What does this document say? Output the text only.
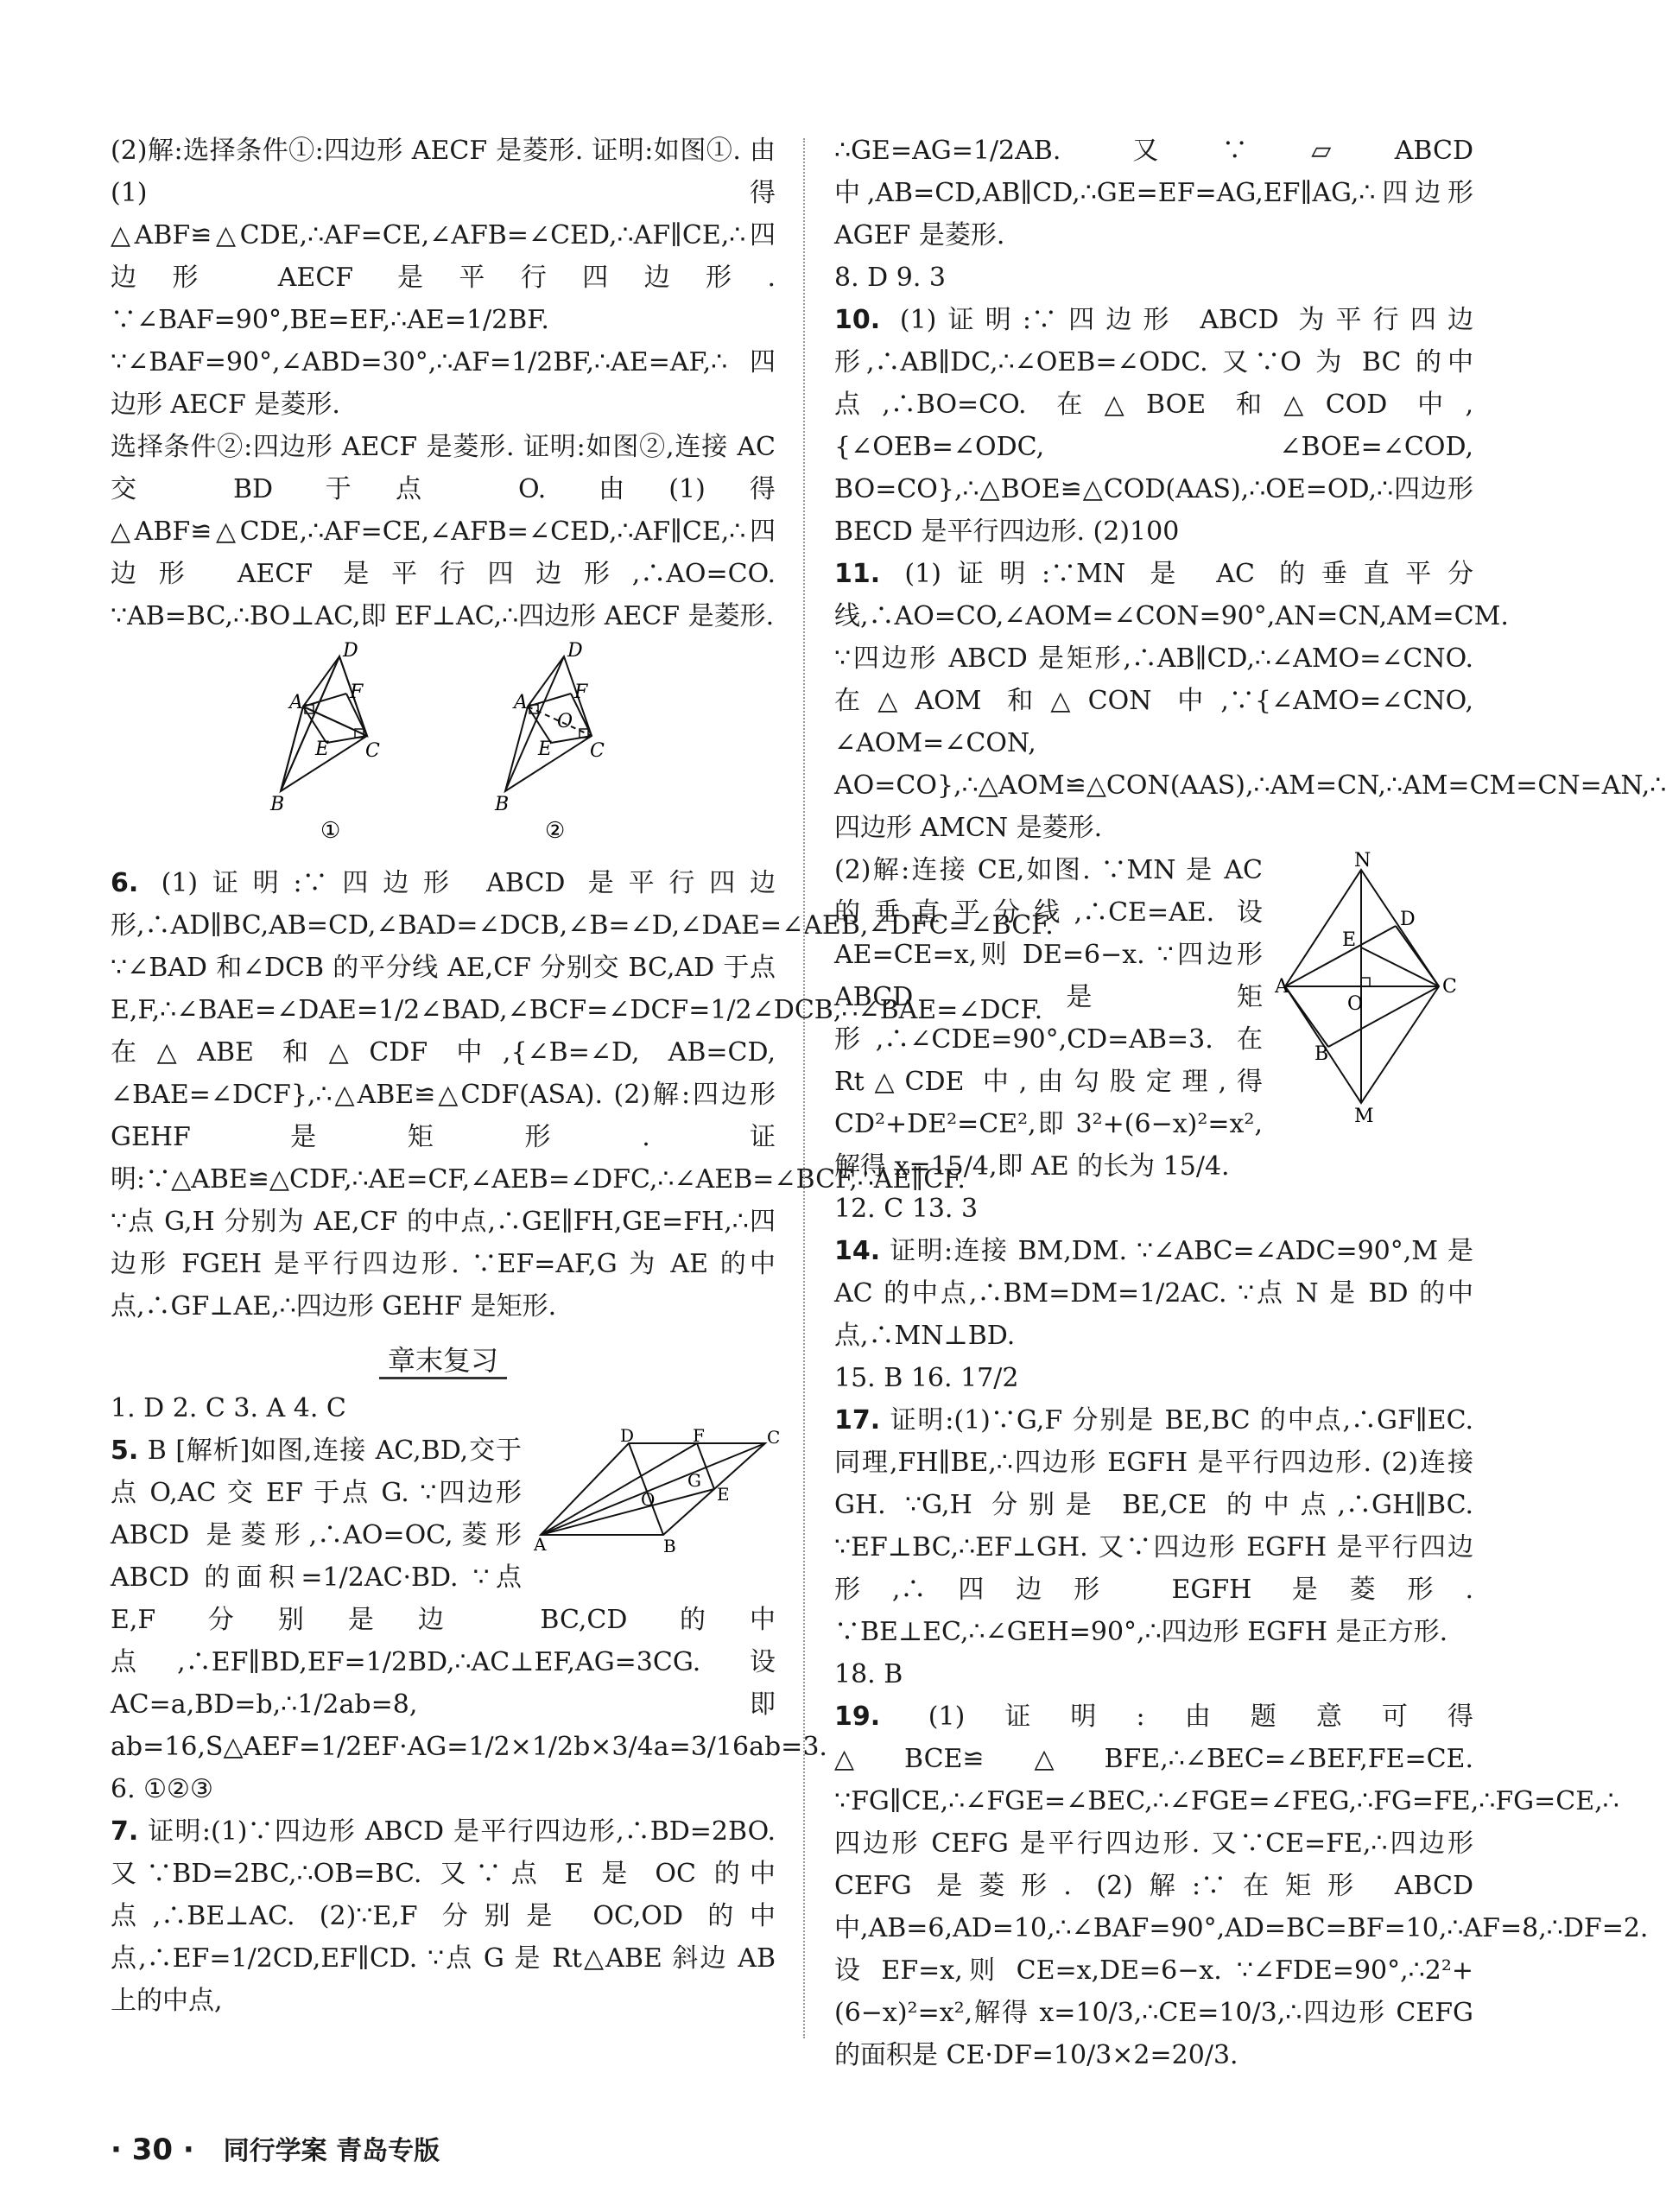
(2)解:选择条件①:四边形 AECF 是菱形. 证明:如图①. 由(1)得△ABF≌△CDE,∴AF=CE,∠AFB=∠CED,∴AF∥CE,∴四边形 AECF 是平行四边形. ∵∠BAF=90°,BE=EF,∴AE=1/2BF. ∵∠BAF=90°,∠ABD=30°,∴AF=1/2BF,∴AE=AF,∴四边形 AECF 是菱形.

选择条件②:四边形 AECF 是菱形. 证明:如图②,连接 AC 交 BD 于点 O. 由(1)得△ABF≌△CDE,∴AF=CE,∠AFB=∠CED,∴AF∥CE,∴四边形 AECF 是平行四边形,∴AO=CO. ∵AB=BC,∴BO⊥AC,即 EF⊥AC,∴四边形 AECF 是菱形.

A
D
F
E C
B
①
A
D
F
O
E C
B
②

6. (1)证明:∵四边形 ABCD 是平行四边形,∴AD∥BC,AB=CD,∠BAD=∠DCB,∠B=∠D,∠DAE=∠AEB,∠DFC=∠BCF. ∵∠BAD 和∠DCB 的平分线 AE,CF 分别交 BC,AD 于点 E,F,∴∠BAE=∠DAE=1/2∠BAD,∠BCF=∠DCF=1/2∠DCB,∴∠BAE=∠DCF. 在△ABE 和△CDF 中,{∠B=∠D, AB=CD, ∠BAE=∠DCF},∴△ABE≌△CDF(ASA). (2)解:四边形 GEHF 是矩形. 证明:∵△ABE≌△CDF,∴AE=CF,∠AEB=∠DFC,∴∠AEB=∠BCF,∴AE∥CF. ∵点 G,H 分别为 AE,CF 的中点,∴GE∥FH,GE=FH,∴四边形 FGEH 是平行四边形. ∵EF=AF,G 为 AE 的中点,∴GF⊥AE,∴四边形 GEHF 是矩形.

章末复习

1. D 2. C 3. A 4. C

A	B
C
D	F
E
G
O

5. B [解析]如图,连接 AC,BD,交于点 O,AC 交 EF 于点 G. ∵四边形 ABCD 是菱形,∴AO=OC,菱形 ABCD 的面积=1/2AC·BD. ∵点 E,F 分别是边 BC,CD 的中点,∴EF∥BD,EF=1/2BD,∴AC⊥EF,AG=3CG. 设 AC=a,BD=b,∴1/2ab=8,即 ab=16,S△AEF=1/2EF·AG=1/2×1/2b×3/4a=3/16ab=3.

6. ①②③

7. 证明:(1)∵四边形 ABCD 是平行四边形,∴BD=2BO. 又∵BD=2BC,∴OB=BC. 又∵点 E 是 OC 的中点,∴BE⊥AC. (2)∵E,F 分别是 OC,OD 的中点,∴EF=1/2CD,EF∥CD. ∵点 G 是 Rt△ABE 斜边 AB 上的中点,

∴GE=AG=1/2AB. 又∵▱ABCD 中,AB=CD,AB∥CD,∴GE=EF=AG,EF∥AG,∴四边形 AGEF 是菱形.

8. D 9. 3

10. (1)证明:∵四边形 ABCD 为平行四边形,∴AB∥DC,∴∠OEB=∠ODC. 又∵O 为 BC 的中点,∴BO=CO. 在△BOE 和△COD 中,{∠OEB=∠ODC, ∠BOE=∠COD, BO=CO},∴△BOE≌△COD(AAS),∴OE=OD,∴四边形 BECD 是平行四边形. (2)100

11. (1)证明:∵MN 是 AC 的垂直平分线,∴AO=CO,∠AOM=∠CON=90°,AN=CN,AM=CM. ∵四边形 ABCD 是矩形,∴AB∥CD,∴∠AMO=∠CNO. 在△AOM 和△CON 中,∵{∠AMO=∠CNO, ∠AOM=∠CON, AO=CO},∴△AOM≌△CON(AAS),∴AM=CN,∴AM=CM=CN=AN,∴四边形 AMCN 是菱形.

N
D
E
A	C
O
B
M

(2)解:连接 CE,如图. ∵MN 是 AC 的垂直平分线,∴CE=AE. 设 AE=CE=x,则 DE=6−x. ∵四边形 ABCD 是矩形,∴∠CDE=90°,CD=AB=3. 在 Rt△CDE 中,由勾股定理,得 CD²+DE²=CE²,即 3²+(6−x)²=x²,解得 x=15/4,即 AE 的长为 15/4.

12. C 13. 3

14. 证明:连接 BM,DM. ∵∠ABC=∠ADC=90°,M 是 AC 的中点,∴BM=DM=1/2AC. ∵点 N 是 BD 的中点,∴MN⊥BD.

15. B 16. 17/2

17. 证明:(1)∵G,F 分别是 BE,BC 的中点,∴GF∥EC. 同理,FH∥BE,∴四边形 EGFH 是平行四边形. (2)连接 GH. ∵G,H 分别是 BE,CE 的中点,∴GH∥BC. ∵EF⊥BC,∴EF⊥GH. 又∵四边形 EGFH 是平行四边形,∴四边形 EGFH 是菱形. ∵BE⊥EC,∴∠GEH=90°,∴四边形 EGFH 是正方形.

18. B

19. (1)证明:由题意可得△BCE≌△BFE,∴∠BEC=∠BEF,FE=CE. ∵FG∥CE,∴∠FGE=∠BEC,∴∠FGE=∠FEG,∴FG=FE,∴FG=CE,∴四边形 CEFG 是平行四边形. 又∵CE=FE,∴四边形 CEFG 是菱形. (2)解:∵在矩形 ABCD 中,AB=6,AD=10,∴∠BAF=90°,AD=BC=BF=10,∴AF=8,∴DF=2. 设 EF=x,则 CE=x,DE=6−x. ∵∠FDE=90°,∴2²+(6−x)²=x²,解得 x=10/3,∴CE=10/3,∴四边形 CEFG 的面积是 CE·DF=10/3×2=20/3.

· 30 · 同行学案 青岛专版
